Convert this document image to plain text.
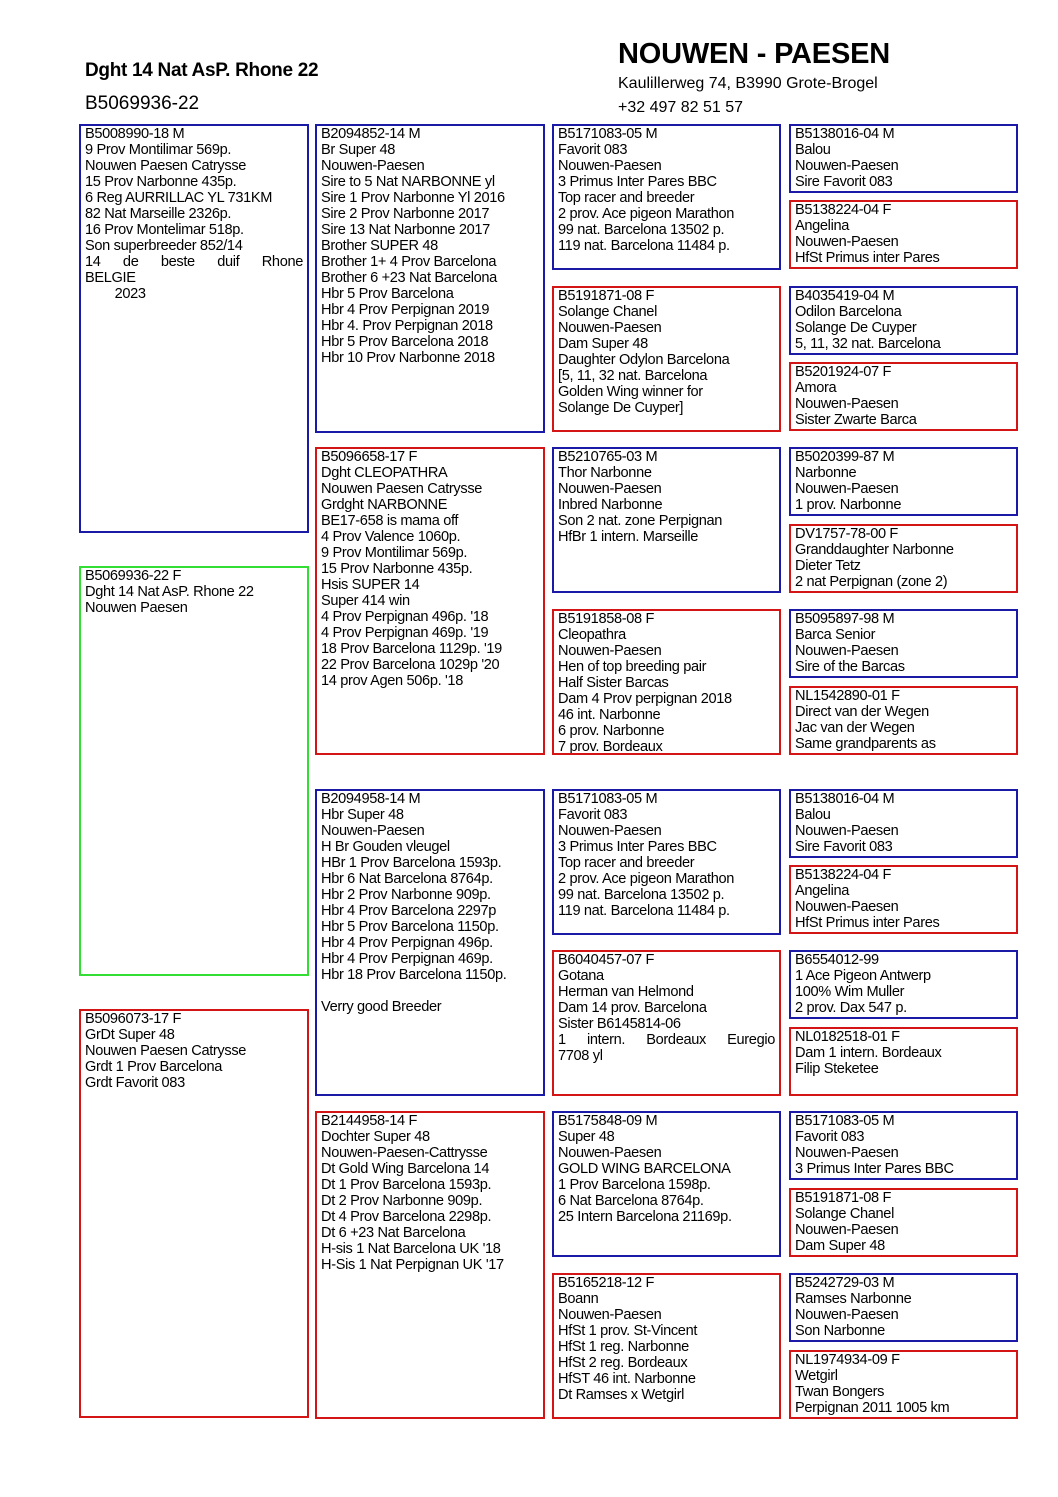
Dght 14 Nat AsP. Rhone 22
B5069936-22
NOUWEN - PAESEN
Kaulillerweg 74, B3990 Grote-Brogel
+32 497 82 51 57
B5069936-22 F
Dght 14 Nat AsP. Rhone 22
Nouwen Paesen
B5008990-18 M
9 Prov Montilimar 569p.
Nouwen Paesen Catrysse
15 Prov Narbonne 435p.
6 Reg AURRILLAC YL 731KM
82 Nat Marseille 2326p.
16 Prov Montelimar 518p.
Son superbreeder 852/14
14 de beste duif Rhone
BELGIE
2023
B5096073-17 F
GrDt Super 48
Nouwen Paesen Catrysse
Grdt 1 Prov Barcelona
Grdt Favorit 083
B2094852-14 M
Br Super 48
Nouwen-Paesen
Sire to 5 Nat NARBONNE yl
Sire 1 Prov Narbonne Yl 2016
Sire 2 Prov Narbonne 2017
Sire 13 Nat Narbonne 2017
Brother SUPER 48
Brother 1+ 4 Prov Barcelona
Brother 6 +23 Nat Barcelona
Hbr 5 Prov Barcelona
Hbr 4 Prov Perpignan 2019
Hbr 4. Prov Perpignan 2018
Hbr 5 Prov Barcelona 2018
Hbr 10 Prov Narbonne 2018
B5096658-17 F
Dght CLEOPATHRA
Nouwen Paesen Catrysse
Grdght NARBONNE
BE17-658 is mama off
4 Prov Valence 1060p.
9 Prov Montilimar 569p.
15 Prov Narbonne 435p.
Hsis SUPER 14
Super 414 win
4 Prov Perpignan 496p. '18
4 Prov Perpignan 469p. '19
18 Prov Barcelona 1129p. '19
22 Prov Barcelona 1029p '20
14 prov Agen 506p. '18
B2094958-14 M
Hbr Super 48
Nouwen-Paesen
H Br Gouden vleugel
HBr 1 Prov Barcelona 1593p.
Hbr 6 Nat Barcelona 8764p.
Hbr 2 Prov Narbonne 909p.
Hbr 4 Prov Barcelona 2297p
Hbr 5 Prov Barcelona 1150p.
Hbr 4 Prov Perpignan 496p.
Hbr 4 Prov Perpignan 469p.
Hbr 18 Prov Barcelona 1150p.
Verry good Breeder
B2144958-14 F
Dochter Super 48
Nouwen-Paesen-Cattrysse
Dt Gold Wing Barcelona 14
Dt 1 Prov Barcelona 1593p.
Dt 2 Prov Narbonne 909p.
Dt 4 Prov Barcelona 2298p.
Dt 6 +23 Nat Barcelona
H-sis 1 Nat Barcelona UK '18
H-Sis 1 Nat Perpignan UK '17
B5171083-05 M
Favorit 083
Nouwen-Paesen
3 Primus Inter Pares BBC
Top racer and breeder
2 prov. Ace pigeon Marathon
99 nat. Barcelona 13502 p.
119 nat. Barcelona 11484 p.
B5191871-08 F
Solange Chanel
Nouwen-Paesen
Dam Super 48
Daughter Odylon Barcelona
[5, 11, 32 nat. Barcelona
Golden Wing winner for
Solange De Cuyper]
B5210765-03 M
Thor Narbonne
Nouwen-Paesen
Inbred Narbonne
Son 2 nat. zone Perpignan
HfBr 1 intern. Marseille
B5191858-08 F
Cleopathra
Nouwen-Paesen
Hen of top breeding pair
Half Sister Barcas
Dam 4 Prov perpignan 2018
46 int. Narbonne
6 prov. Narbonne
7 prov. Bordeaux
B5171083-05 M
Favorit 083
Nouwen-Paesen
3 Primus Inter Pares BBC
Top racer and breeder
2 prov. Ace pigeon Marathon
99 nat. Barcelona 13502 p.
119 nat. Barcelona 11484 p.
B6040457-07 F
Gotana
Herman van Helmond
Dam 14 prov. Barcelona
Sister B6145814-06
1 intern. Bordeaux Euregio
7708 yl
B5175848-09 M
Super 48
Nouwen-Paesen
GOLD WING BARCELONA
1 Prov Barcelona 1598p.
6 Nat Barcelona 8764p.
25 Intern Barcelona 21169p.
B5165218-12 F
Boann
Nouwen-Paesen
HfSt 1 prov. St-Vincent
HfSt 1 reg. Narbonne
HfSt 2 reg. Bordeaux
HfST 46 int. Narbonne
Dt Ramses x Wetgirl
B5138016-04 M
Balou
Nouwen-Paesen
Sire Favorit 083
B5138224-04 F
Angelina
Nouwen-Paesen
HfSt Primus inter Pares
B4035419-04 M
Odilon Barcelona
Solange De Cuyper
5, 11, 32 nat. Barcelona
B5201924-07 F
Amora
Nouwen-Paesen
Sister Zwarte Barca
B5020399-87 M
Narbonne
Nouwen-Paesen
1 prov. Narbonne
DV1757-78-00 F
Granddaughter Narbonne
Dieter Tetz
2 nat Perpignan (zone 2)
B5095897-98 M
Barca Senior
Nouwen-Paesen
Sire of the Barcas
NL1542890-01 F
Direct van der Wegen
Jac van der Wegen
Same grandparents as
B5138016-04 M
Balou
Nouwen-Paesen
Sire Favorit 083
B5138224-04 F
Angelina
Nouwen-Paesen
HfSt Primus inter Pares
B6554012-99
1 Ace Pigeon Antwerp
100% Wim Muller
2 prov. Dax 547 p.
NL0182518-01 F
Dam 1 intern. Bordeaux
Filip Steketee
B5171083-05 M
Favorit 083
Nouwen-Paesen
3 Primus Inter Pares BBC
B5191871-08 F
Solange Chanel
Nouwen-Paesen
Dam Super 48
B5242729-03 M
Ramses Narbonne
Nouwen-Paesen
Son Narbonne
NL1974934-09 F
Wetgirl
Twan Bongers
Perpignan 2011 1005 km
